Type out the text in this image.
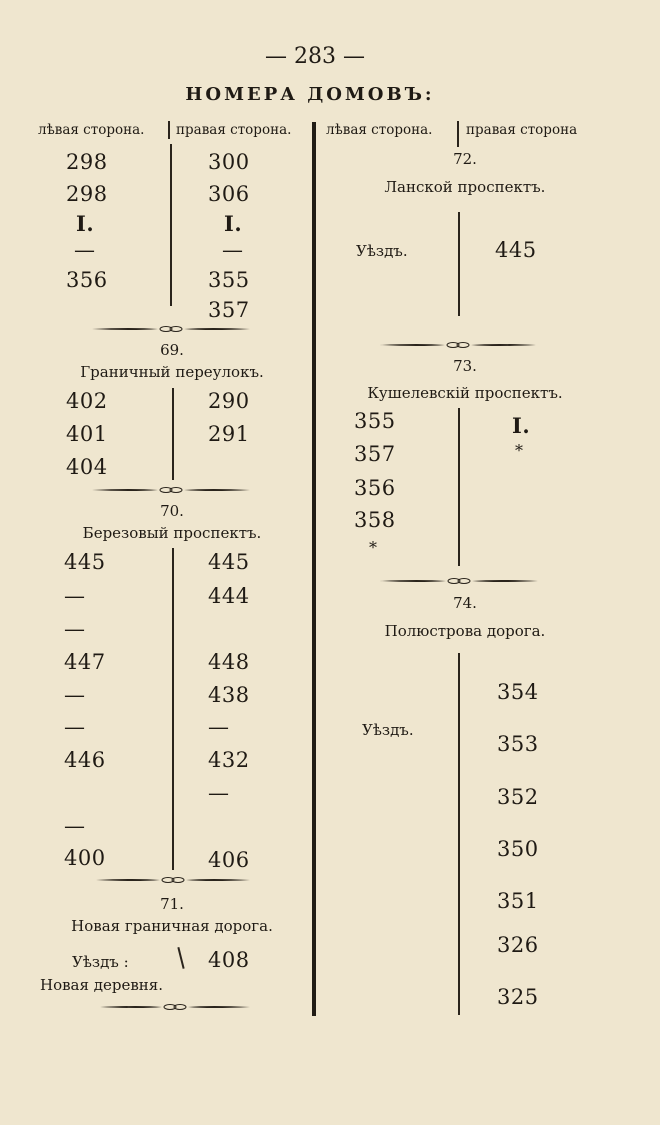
— 283 —
НОМЕРА ДОМОВЪ:
лѣвая сторона. правая сторона.
298
298
I.
—
356
300
306
I.
—
355
357
69.
Граничный переулокъ.
402
401
404
290
291
70.
Березовый проспектъ.
445
—
—
447
—
—
446
—
400
445
444
448
438
—
432
—
406
71.
Новая граничная дорога.
Уѣздъ :	408
Новая деревня.
лѣвая сторона. правая сторона
72.
Ланской проспектъ.
Уѣздъ.	445
73.
Кушелевскій проспектъ.
355
357
356
358
*
I.
*
74.
Полюстрова дорога.
Уѣздъ.
354
353
352
350
351
326
325
